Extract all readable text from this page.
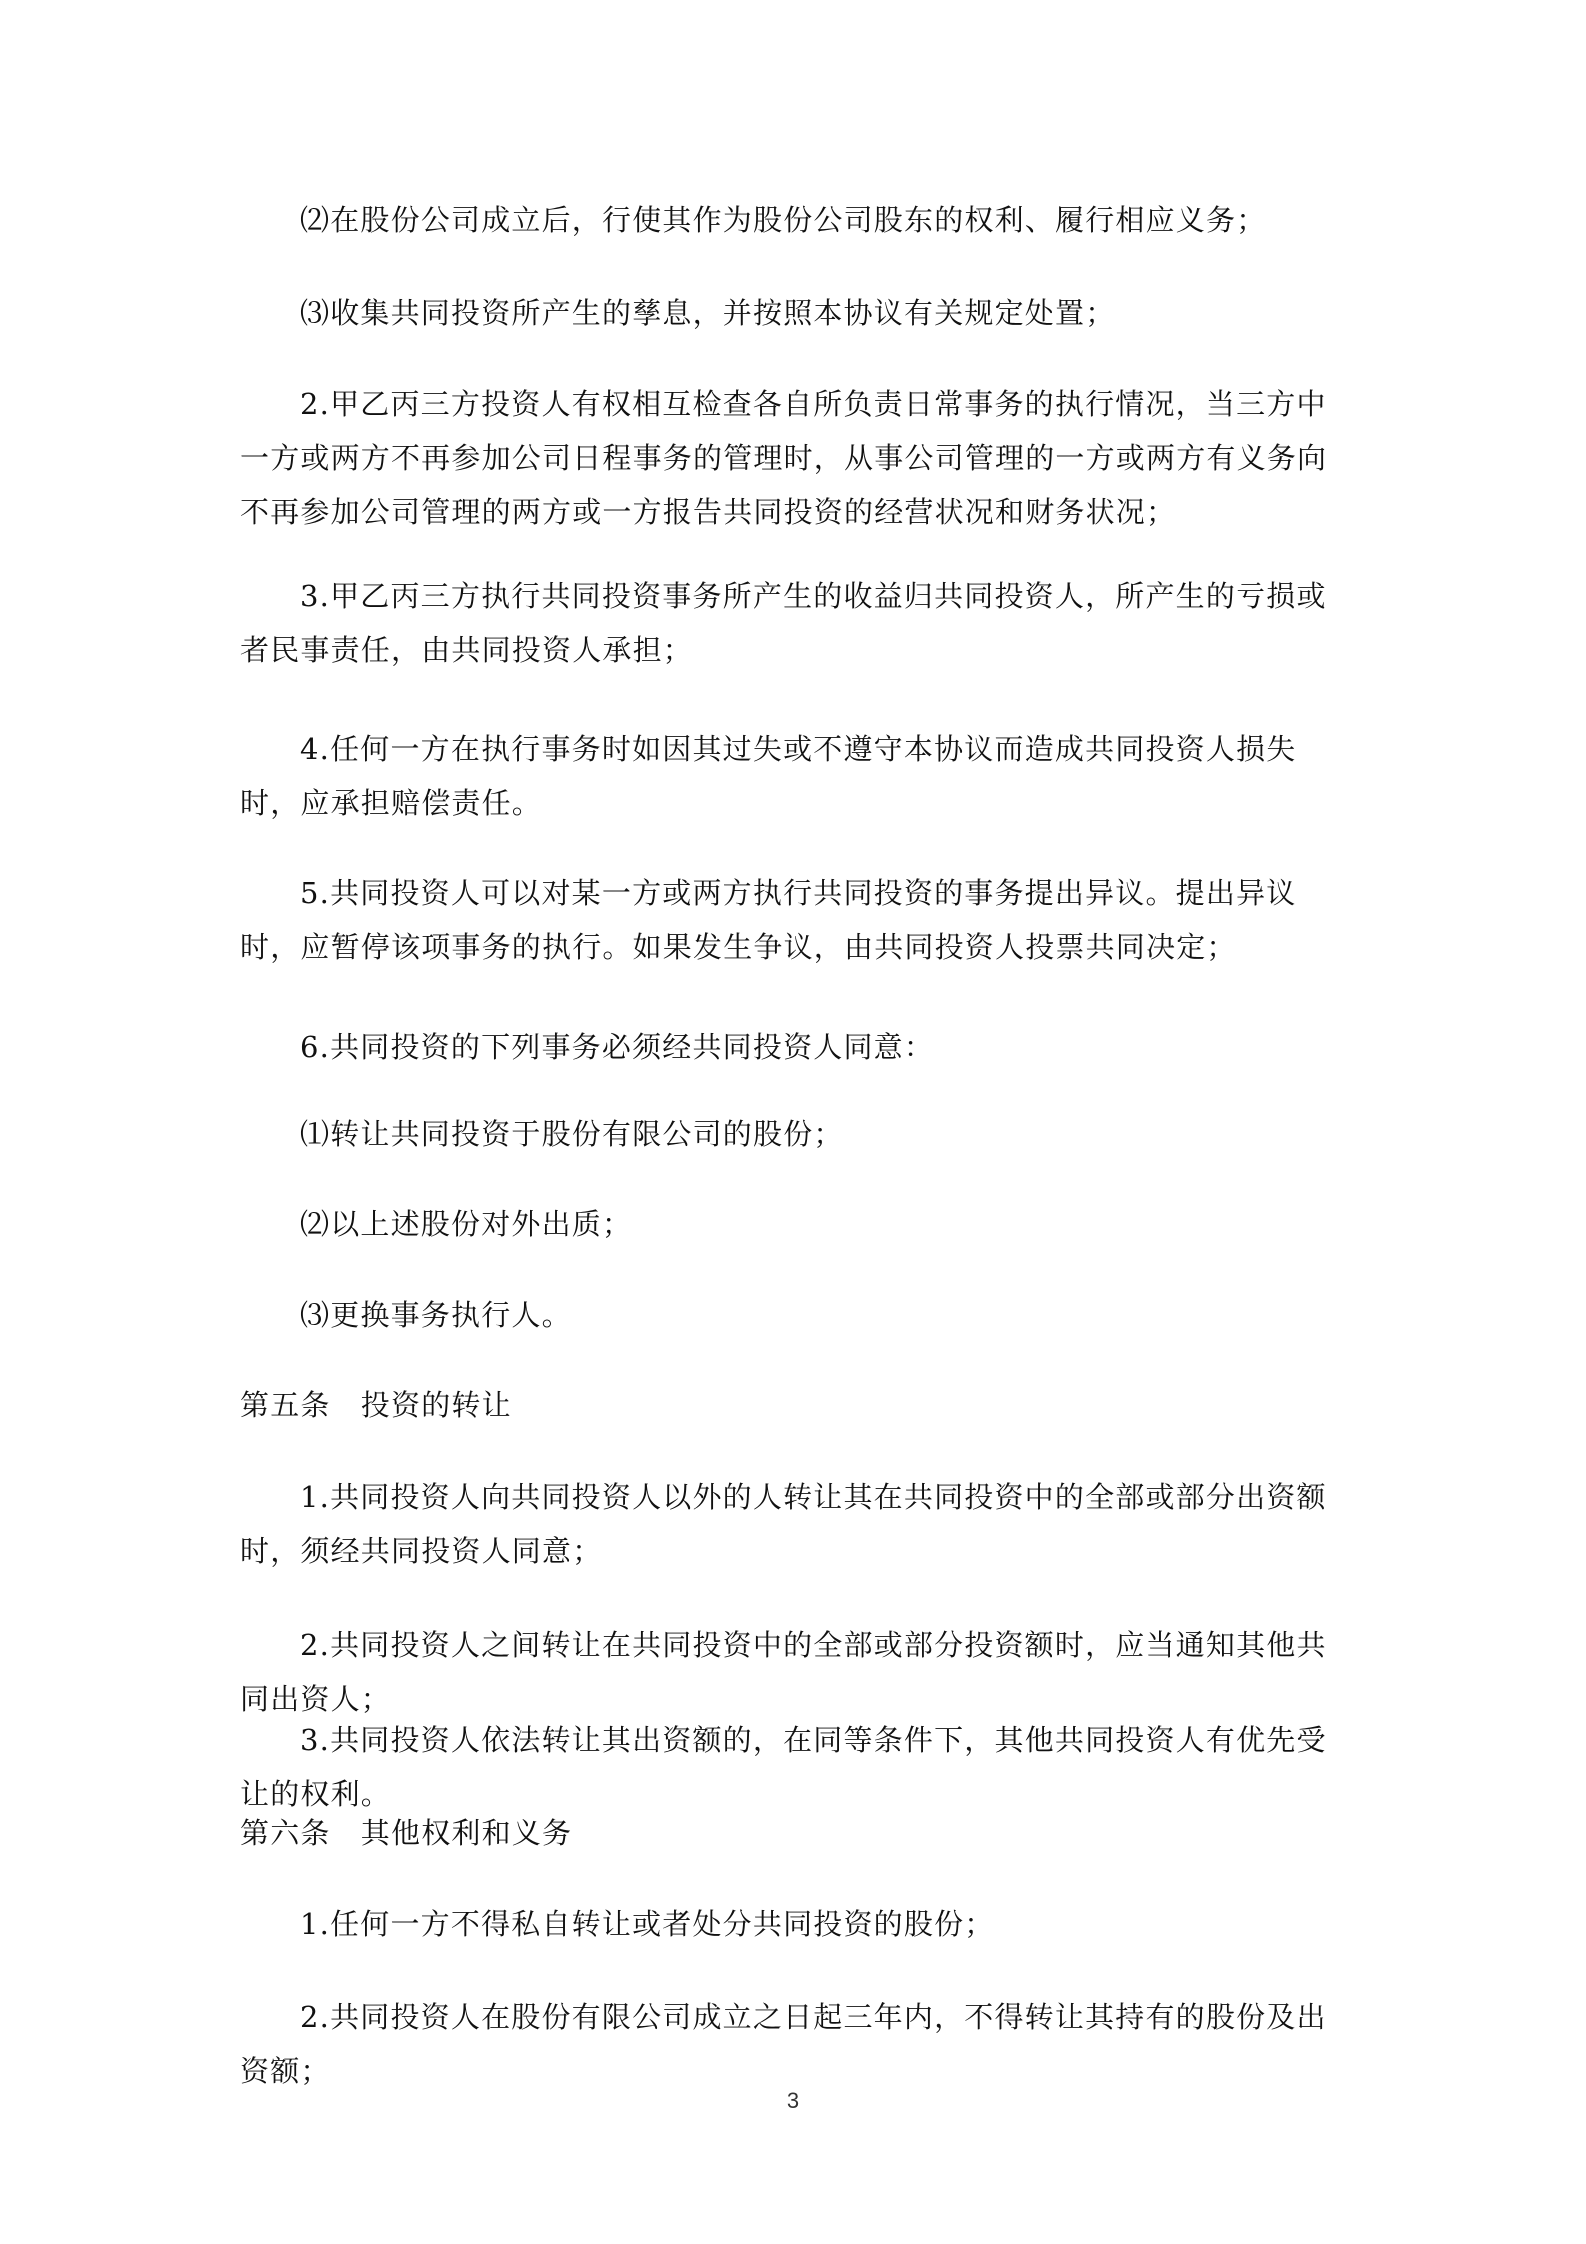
⑵在股份公司成立后，行使其作为股份公司股东的权利、履行相应义务；

⑶收集共同投资所产生的孳息，并按照本协议有关规定处置；

2.甲乙丙三方投资人有权相互检查各自所负责日常事务的执行情况，当三方中一方或两方不再参加公司日程事务的管理时，从事公司管理的一方或两方有义务向不再参加公司管理的两方或一方报告共同投资的经营状况和财务状况；

3.甲乙丙三方执行共同投资事务所产生的收益归共同投资人，所产生的亏损或者民事责任，由共同投资人承担；

4.任何一方在执行事务时如因其过失或不遵守本协议而造成共同投资人损失时，应承担赔偿责任。

5.共同投资人可以对某一方或两方执行共同投资的事务提出异议。提出异议时，应暂停该项事务的执行。如果发生争议，由共同投资人投票共同决定；

6.共同投资的下列事务必须经共同投资人同意：

⑴转让共同投资于股份有限公司的股份；

⑵以上述股份对外出质；

⑶更换事务执行人。

第五条　投资的转让

1.共同投资人向共同投资人以外的人转让其在共同投资中的全部或部分出资额时，须经共同投资人同意；

2.共同投资人之间转让在共同投资中的全部或部分投资额时，应当通知其他共同出资人；

3.共同投资人依法转让其出资额的，在同等条件下，其他共同投资人有优先受让的权利。

第六条　其他权利和义务

1.任何一方不得私自转让或者处分共同投资的股份；

2.共同投资人在股份有限公司成立之日起三年内，不得转让其持有的股份及出资额；

3
